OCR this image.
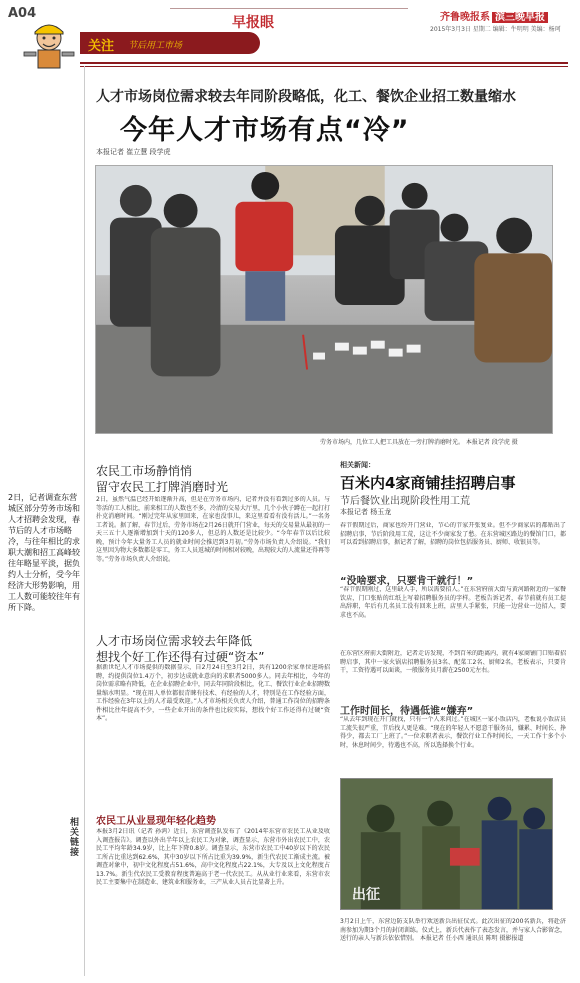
A04
早报眼	齐鲁晚报系 滨三晚早报
2015年3月3日 星期二 编辑：牛明明 美编：杨珂
关注 节后用工市场
人才市场岗位需求较去年同阶段略低，化工、餐饮企业招工数量缩水
今年人才市场有点“冷”
本报记者 崔立慧 段学虎
劳务市场内，几位工人把工具放在一旁打牌消磨时光。 本报记者 段学虎 摄
2日，记者调查东营城区部分劳务市场和人才招聘会发现，春节后的人才市场略冷，与往年相比的求职大潮和招工高峰较往年略显平淡，据负约人士分析，受今年经济大形势影响，用工人数可能较往年有所下降。
相关链接
农民工市场静悄悄
留守农民工打牌消磨时光
2日，虽然气温已经开始逐渐升高，但是在劳务市场内，记者并没有看到过多的人员。与等活的工人相比，前来相工的人数也不多，冷清的交易大厅里，几个小伙子蹲在一起打打扑克消磨时间。“刚过完年从家里回来，在家也没事儿，来这里看看有没有活儿。”一名务工者说。据了解，春节过后，劳务市场在2月26日就开门营业，每天的交易量从最初的一天三五十人逐渐增加到十天的120多人，但总的人数还是比较少。“今年春节以后比较晚，预计今年大量务工人员的就业时间会推迟到3月初。”劳务市场负责人介绍说。“我们这里因为物大多数都是零工，务工人员返城的时间相对较晚，出现较大的人流量还得再等等。”劳务市场负责人介绍说。
人才市场岗位需求较去年降低
想找个好工作还得有过硬“资本”
据新世纪人才市场提供的数据显示，自2月24日至3月2日，共有1200余家单位进场招聘，约提供岗位1.4万个，初步达成就业意向的求职者5000多人。同去年相比，今年的岗位需求略有降低，在企业招聘企业中，同去年同阶段相比，化工、餐饮行业企业招聘数量缩水明显。“现在用人单位都很青睐有技术、有经验的人才，特别是在工作经验方面，工作经验在3年以上的人才最受欢迎。”人才市场相关负责人介绍，普通工作岗位的招聘条件相比往年提高不少，一些企业开出的条件也比较实际，想找个好工作还得有过硬“资本”。
农民工从业显现年轻化趋势
本报3月2日讯（记者 孙鸿）近日，东营调查队发布了《2014年东营市农民工从业及收入调查报告》。调查以外出半年以上农民工为对象，调查显示，东营市外出农民工中，农民工平均年龄34.9岁，比上年下降0.8岁。调查显示，东营市农民工中40岁以下的农民工所占比重达到62.6%，其中30岁以下所占比重为39.9%，新生代农民工渐成主流。被调查对象中，初中文化程度占51.6%，高中文化程度占22.1%，大专及以上文化程度占13.7%。新生代农民工受教育程度普遍高于老一代农民工。从从业行业来看，东营市农民工主要集中在制造业、建筑业和服务业，三产从业人员占比显著上升。
相关新闻：
百米内4家商铺挂招聘启事
节后餐饮业出现阶段性用工荒
本报记者 杨玉龙
春节假期过后，商家也纷开门营业，节心的节家开张复业。但不少商家店的都贴出了招聘启事，节后阶段用工荒，这让不少商家发了愁。在东营城区路边的餐馆门口，都可以看到招聘启事，据记者了解，招聘的岗位包括服务员、厨师、收银员等。
“没啥要求，只要肯干就行！”
“春节假期刚过，这里缺人手，所以需要招人。”在东营府前大街与黄河路附近的一家餐饮店，门口张贴的红纸上写着招聘服务员的字样。老板告诉记者，春节前就有员工提出辞职，年后有几名员工没有回来上班，店里人手紧张，只能一边营业一边招人，要求也不高。
在东营区府前大街附近，记者走访发现，不到百米的距离内，就有4家商铺门口贴着招聘启事，其中一家火锅店招聘服务员3名、配菜工2名、厨师2名，老板表示，只要肯干，工资待遇可以面谈，一般服务员月薪在2500元左右。
工作时间长，待遇低谁“嫌弃”
“从去年到现在开门就找，只有一个人来问过。”在城区一家小饭店内，老板说小饭店员工流失很严重，节后找人更是难。“现在的年轻人不愿意干服务员，嫌累、时间长、挣得少，都去工厂上班了。”一位求职者表示，餐饮行业工作时间长，一天工作十多个小时，休息时间少，待遇也不高，所以选择换个行业。
出征
3月2日上午，东营边防支队举行欢送新兵出征仪式。此次出征的200名新兵，将赴济南参加为期3个月的封闭训练。仪式上，新兵代表作了表态发言，并与家人合影留念，送行的亲人与新兵依依惜别。 本报记者 任小西 通讯员 陈明 摄影报道
